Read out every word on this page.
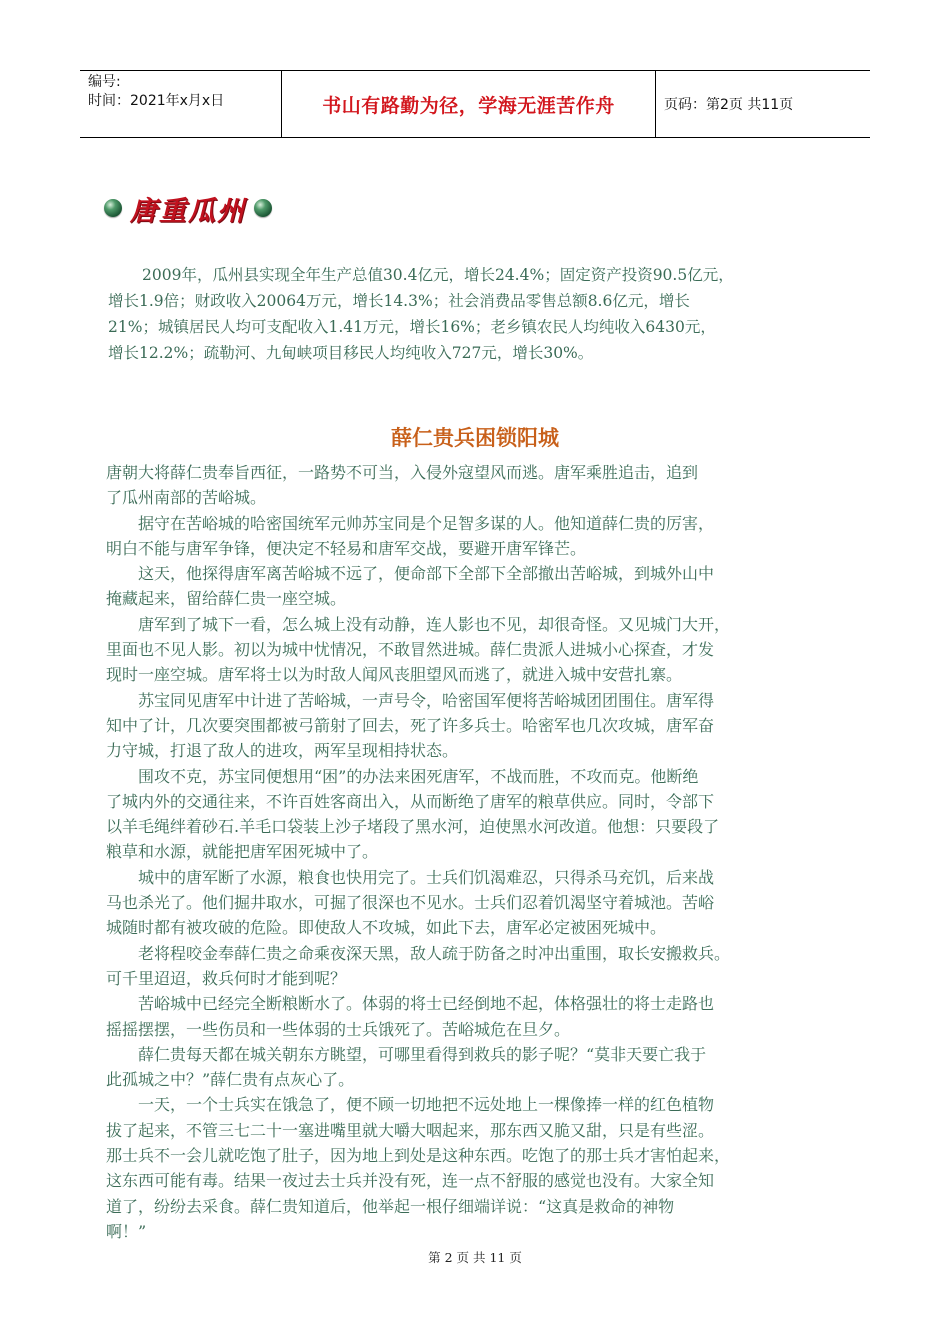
编号:
时间：2021年x月x日	书山有路勤为径，学海无涯苦作舟	页码：第2页 共11页
唐重瓜州
2009年，瓜州县实现全年生产总值30.4亿元，增长24.4%；固定资产投资90.5亿元，
增长1.9倍；财政收入20064万元，增长14.3%；社会消费品零售总额8.6亿元，增长
21%；城镇居民人均可支配收入1.41万元，增长16%；老乡镇农民人均纯收入6430元，
增长12.2%；疏勒河、九甸峡项目移民人均纯收入727元，增长30%。
薛仁贵兵困锁阳城
唐朝大将薛仁贵奉旨西征，一路势不可当，入侵外寇望风而逃。唐军乘胜追击，追到
了瓜州南部的苦峪城。
　　据守在苦峪城的哈密国统军元帅苏宝同是个足智多谋的人。他知道薛仁贵的厉害，
明白不能与唐军争锋，便决定不轻易和唐军交战，要避开唐军锋芒。
　　这天，他探得唐军离苦峪城不远了，便命部下全部下全部撤出苦峪城，到城外山中
掩藏起来，留给薛仁贵一座空城。
　　唐军到了城下一看，怎么城上没有动静，连人影也不见，却很奇怪。又见城门大开，
里面也不见人影。初以为城中忧情况，不敢冒然进城。薛仁贵派人进城小心探查，才发
现时一座空城。唐军将士以为时敌人闻风丧胆望风而逃了，就进入城中安营扎寨。
　　苏宝同见唐军中计进了苦峪城，一声号令，哈密国军便将苦峪城团团围住。唐军得
知中了计，几次要突围都被弓箭射了回去，死了许多兵士。哈密军也几次攻城，唐军奋
力守城，打退了敌人的进攻，两军呈现相持状态。
　　围攻不克，苏宝同便想用“困”的办法来困死唐军，不战而胜，不攻而克。他断绝
了城内外的交通往来，不许百姓客商出入，从而断绝了唐军的粮草供应。同时，令部下
以羊毛绳绊着砂石.羊毛口袋装上沙子堵段了黑水河，迫使黑水河改道。他想：只要段了
粮草和水源，就能把唐军困死城中了。
　　城中的唐军断了水源，粮食也快用完了。士兵们饥渴难忍，只得杀马充饥，后来战
马也杀光了。他们掘井取水，可掘了很深也不见水。士兵们忍着饥渴坚守着城池。苦峪
城随时都有被攻破的危险。即使敌人不攻城，如此下去，唐军必定被困死城中。
　　老将程咬金奉薛仁贵之命乘夜深天黑，敌人疏于防备之时冲出重围，取长安搬救兵。
可千里迢迢，救兵何时才能到呢？
　　苦峪城中已经完全断粮断水了。体弱的将士已经倒地不起，体格强壮的将士走路也
摇摇摆摆，一些伤员和一些体弱的士兵饿死了。苦峪城危在旦夕。
　　薛仁贵每天都在城关朝东方眺望，可哪里看得到救兵的影子呢？“莫非天要亡我于
此孤城之中？”薛仁贵有点灰心了。
　　一天，一个士兵实在饿急了，便不顾一切地把不远处地上一棵像捧一样的红色植物
拔了起来，不管三七二十一塞进嘴里就大嚼大咽起来，那东西又脆又甜，只是有些涩。
那士兵不一会儿就吃饱了肚子，因为地上到处是这种东西。吃饱了的那士兵才害怕起来，
这东西可能有毒。结果一夜过去士兵并没有死，连一点不舒服的感觉也没有。大家全知
道了，纷纷去采食。薛仁贵知道后，他举起一根仔细端详说：“这真是救命的神物
啊！”
第 2 页 共 11 页
